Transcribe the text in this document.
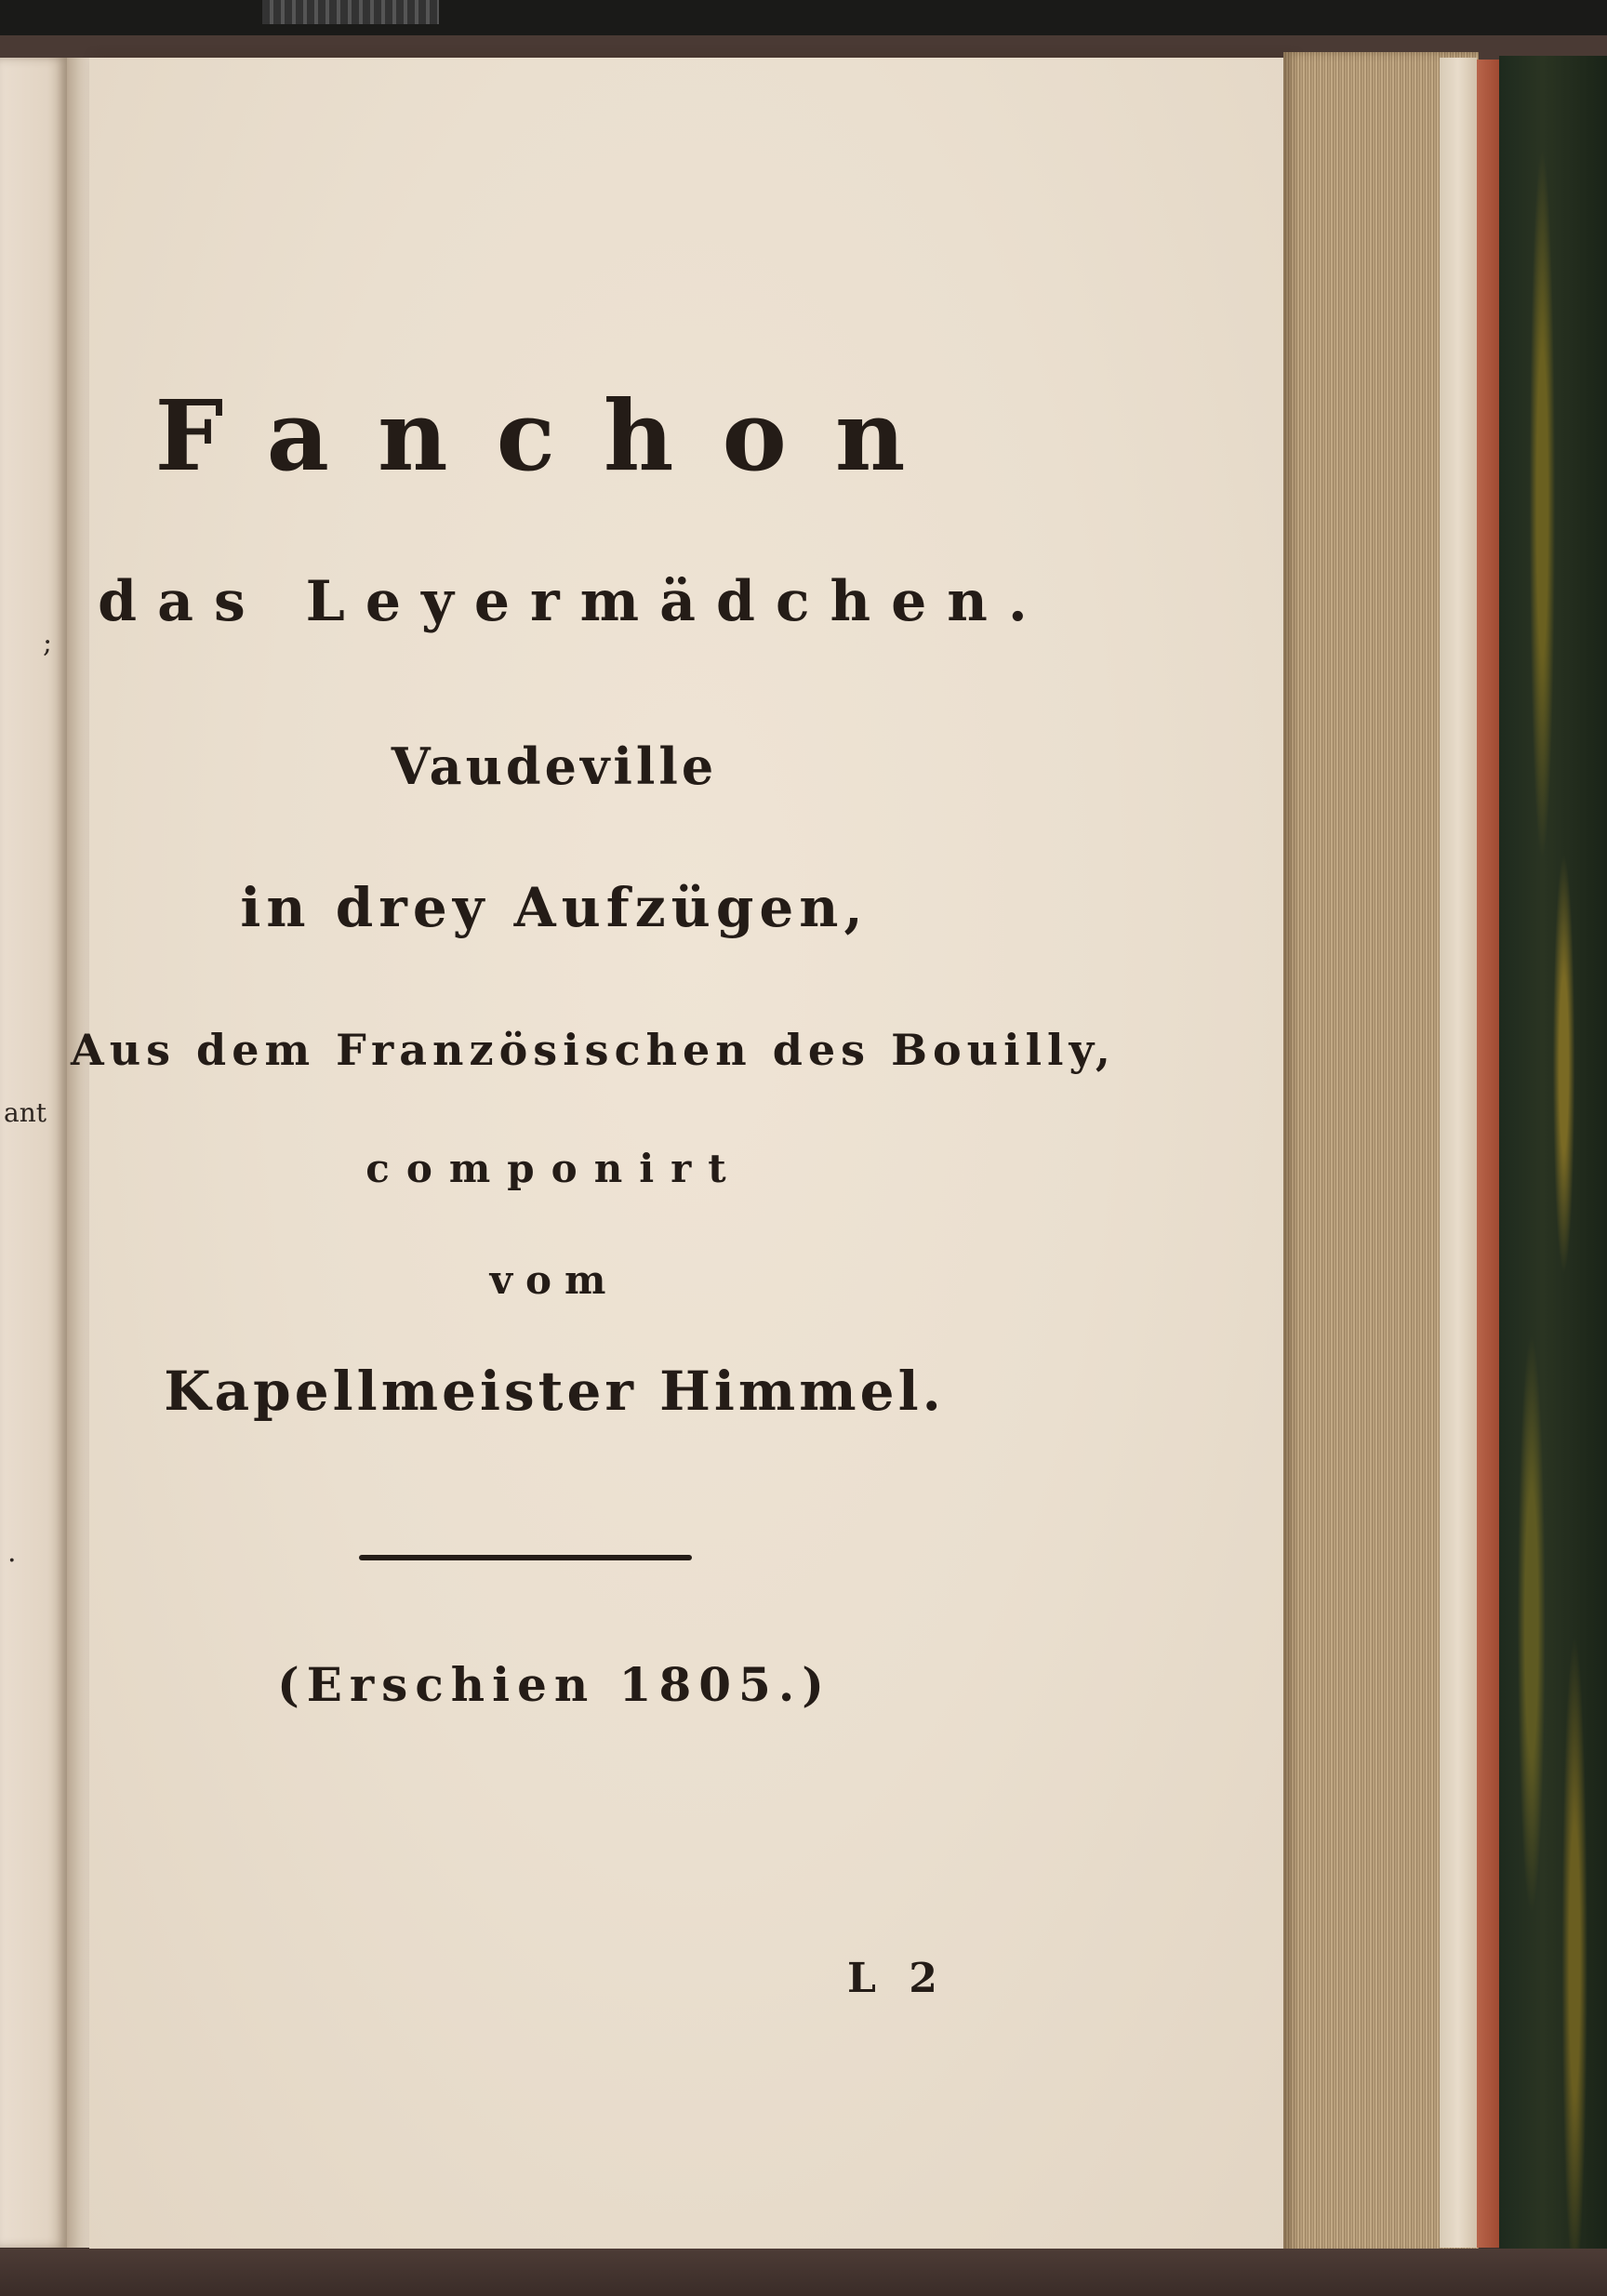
;
ant
.
Fanchon
das Leyermädchen.
Vaudeville
in drey Aufzügen,
Aus dem Französischen des Bouilly,
componirt
vom
Kapellmeister Himmel.
(Erschien 1805.)
L 2
